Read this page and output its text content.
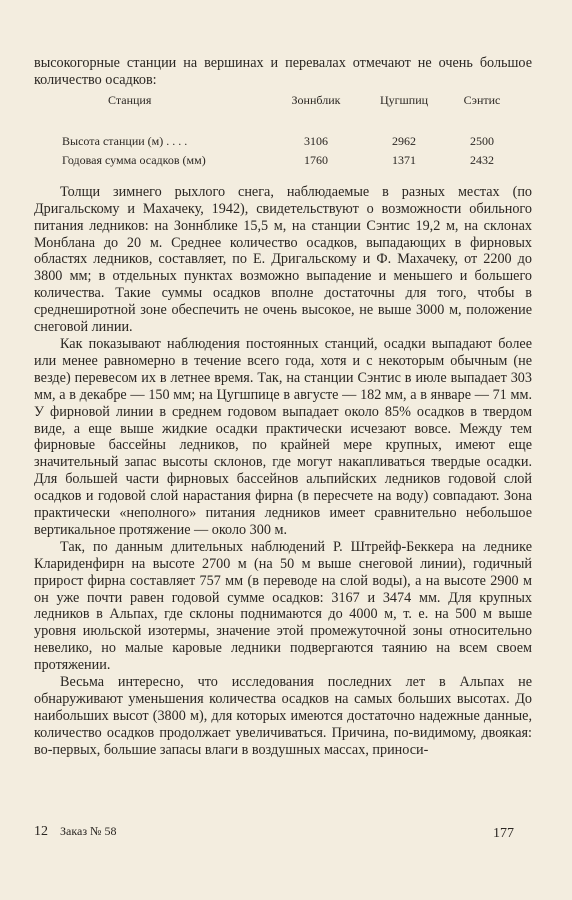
высокогорные станции на вершинах и перевалах отмечают не очень большое количество осадков:

Станция	Зоннблик	Цугшпиц	Сэнтис

Высота станции (м) . . . .	3106	2962	2500
Годовая сумма осадков (мм)	1760	1371	2432

Толщи зимнего рыхлого снега, наблюдаемые в разных местах (по Дригальскому и Махачеку, 1942), свидетельствуют о возможности обильного питания ледников: на Зоннблике 15,5 м, на станции Сэнтис 19,2 м, на склонах Монблана до 20 м. Среднее количество осадков, выпадающих в фирновых областях ледников, составляет, по Е. Дригальскому и Ф. Махачеку, от 2200 до 3800 мм; в отдельных пунктах возможно выпадение и меньшего и большего количества. Такие суммы осадков вполне достаточны для того, чтобы в среднеширотной зоне обеспечить не очень высокое, не выше 3000 м, положение снеговой линии.

Как показывают наблюдения постоянных станций, осадки выпадают более или менее равномерно в течение всего года, хотя и с некоторым обычным (не везде) перевесом их в летнее время. Так, на станции Сэнтис в июле выпадает 303 мм, а в декабре — 150 мм; на Цугшпице в августе — 182 мм, а в январе — 71 мм. У фирновой линии в среднем годовом выпадает около 85% осадков в твердом виде, а еще выше жидкие осадки практически исчезают вовсе. Между тем фирновые бассейны ледников, по крайней мере крупных, имеют еще значительный запас высоты склонов, где могут накапливаться твердые осадки. Для большей части фирновых бассейнов альпийских ледников годовой слой осадков и годовой слой нарастания фирна (в пересчете на воду) совпадают. Зона практически «неполного» питания ледников имеет сравнительно небольшое вертикальное протяжение — около 300 м.

Так, по данным длительных наблюдений Р. Штрейф-Беккера на леднике Клариденфирн на высоте 2700 м (на 50 м выше снеговой линии), годичный прирост фирна составляет 757 мм (в переводе на слой воды), а на высоте 2900 м он уже почти равен годовой сумме осадков: 3167 и 3474 мм. Для крупных ледников в Альпах, где склоны поднимаются до 4000 м, т. е. на 500 м выше уровня июльской изотермы, значение этой промежуточной зоны относительно невелико, но малые каровые ледники подвергаются таянию на всем своем протяжении.

Весьма интересно, что исследования последних лет в Альпах не обнаруживают уменьшения количества осадков на самых больших высотах. До наибольших высот (3800 м), для которых имеются достаточно надежные данные, количество осадков продолжает увеличиваться. Причина, по-видимому, двоякая: во-первых, большие запасы влаги в воздушных массах, приноси-

12 Заказ № 58	177
